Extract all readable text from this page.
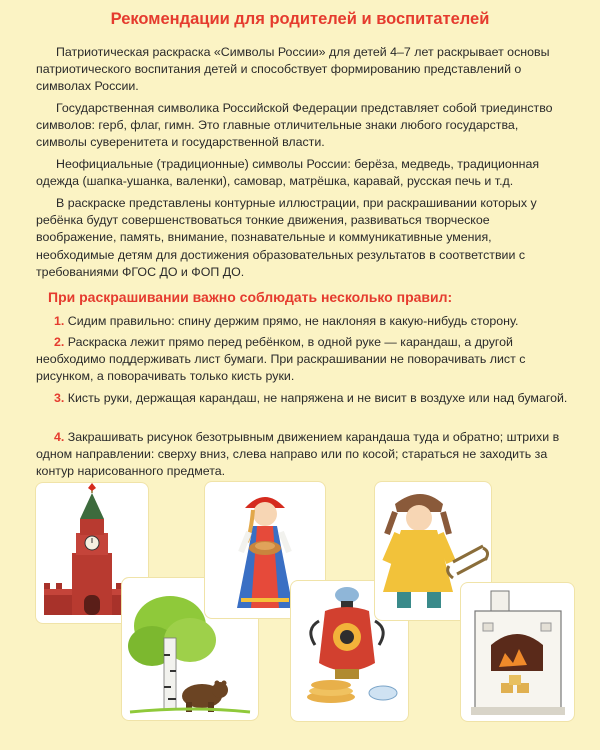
Рекомендации для родителей и воспитателей

Патриотическая раскраска «Символы России» для детей 4–7 лет раскрывает основы патриотического воспитания детей и способствует формированию представлений о символах России.

Государственная символика Российской Федерации представляет собой триединство символов: герб, флаг, гимн. Это главные отличительные знаки любого государства, символы суверенитета и государственной власти.

Неофициальные (традиционные) символы России: берёза, медведь, традиционная одежда (шапка-ушанка, валенки), самовар, матрёшка, каравай, русская печь и т.д.

В раскраске представлены контурные иллюстрации, при раскрашивании которых у ребёнка будут совершенствоваться тонкие движения, развиваться творческое воображение, память, внимание, познавательные и коммуникативные умения, необходимые детям для достижения образовательных результатов в соответствии с требованиями ФГОС ДО и ФОП ДО.

При раскрашивании важно соблюдать несколько правил:

1. Сидим правильно: спину держим прямо, не наклоняя в какую-нибудь сторону.

2. Раскраска лежит прямо перед ребёнком, в одной руке — карандаш, а другой необходимо поддерживать лист бумаги. При раскрашивании не поворачивать лист с рисунком, а поворачивать только кисть руки.

3. Кисть руки, держащая карандаш, не напряжена и не висит в воздухе или над бумагой.

4. Закрашивать рисунок безотрывным движением карандаша туда и обратно; штрихи в одном направлении: сверху вниз, слева направо или по косой; стараться не заходить за контур нарисованного предмета.
